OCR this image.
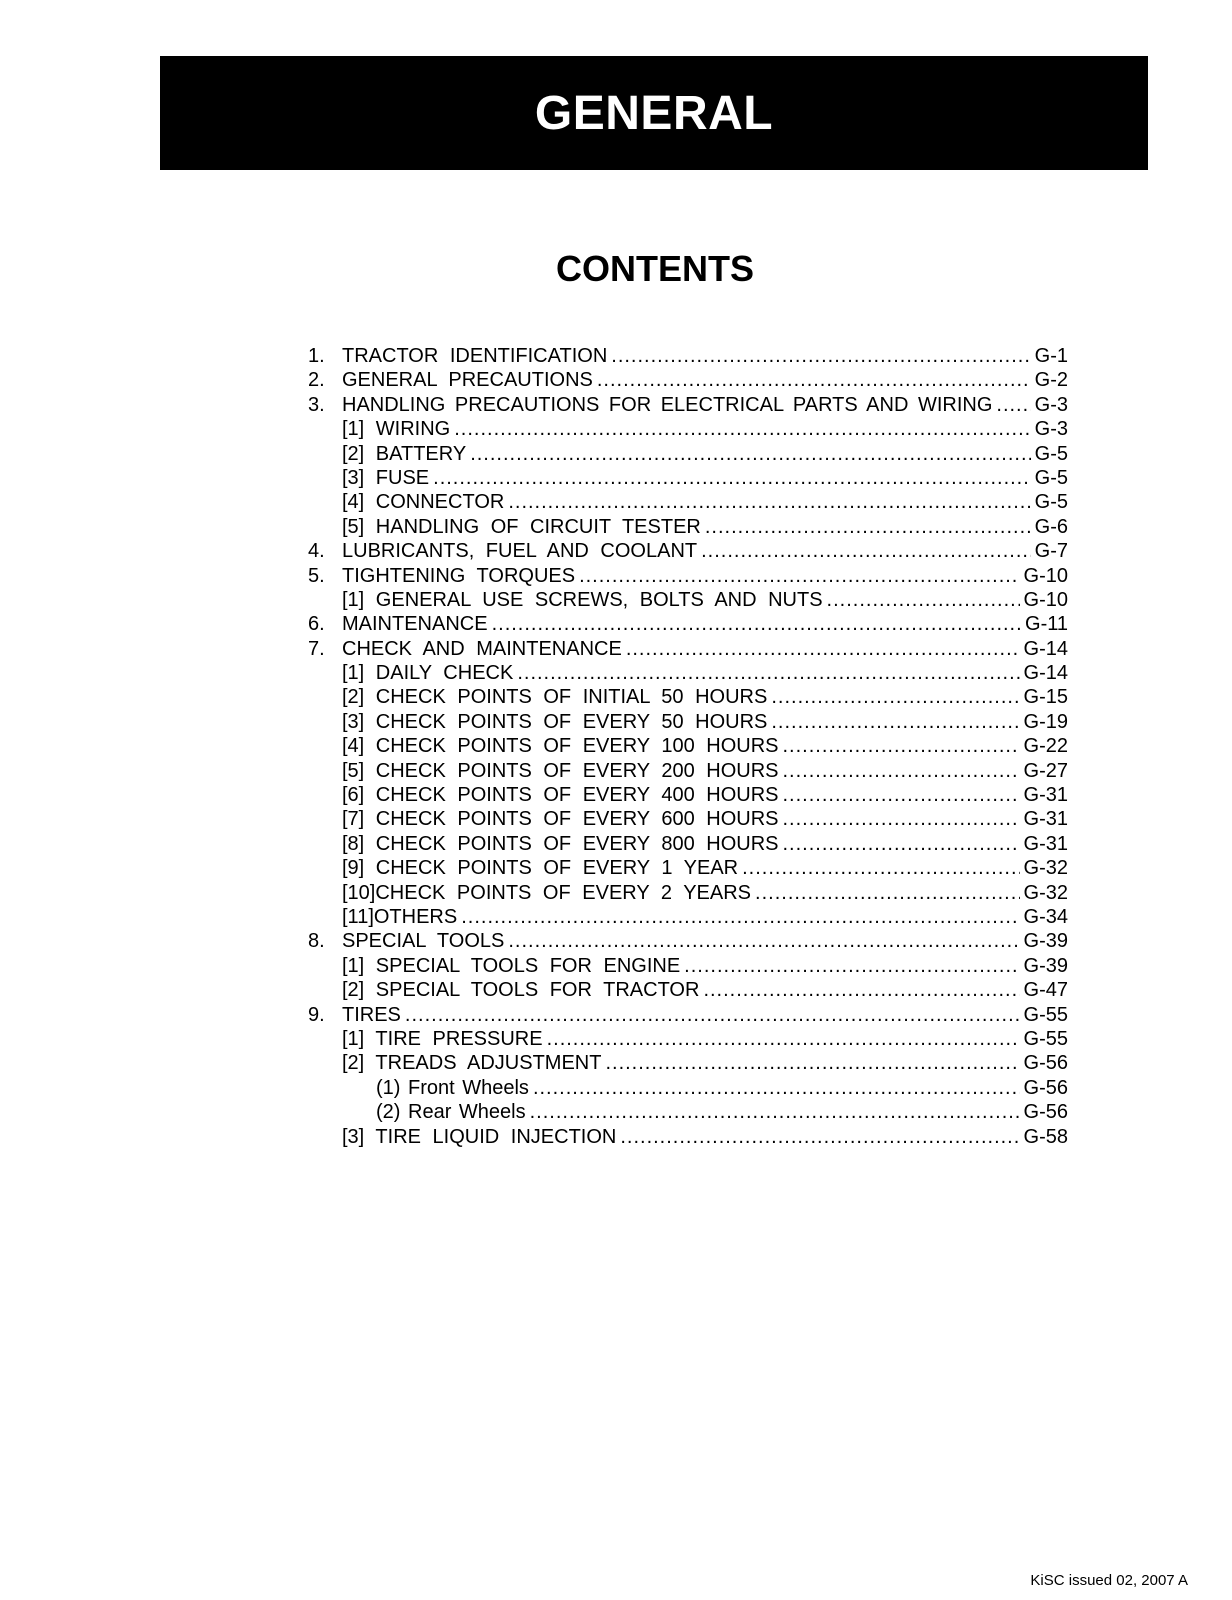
GENERAL
CONTENTS
1. TRACTOR IDENTIFICATION .....	G-1
2. GENERAL PRECAUTIONS .....	G-2
3. HANDLING PRECAUTIONS FOR ELECTRICAL PARTS AND WIRING ..... G-3
[1] WIRING .....	G-3
[2] BATTERY .....	G-5
[3] FUSE .....	G-5
[4] CONNECTOR .....	G-5
[5] HANDLING OF CIRCUIT TESTER .....	G-6
4. LUBRICANTS, FUEL AND COOLANT .....	G-7
5. TIGHTENING TORQUES .....	G-10
[1] GENERAL USE SCREWS, BOLTS AND NUTS .....	G-10
6. MAINTENANCE .....	G-11
7. CHECK AND MAINTENANCE .....	G-14
[1] DAILY CHECK .....	G-14
[2] CHECK POINTS OF INITIAL 50 HOURS .....	G-15
[3] CHECK POINTS OF EVERY 50 HOURS .....	G-19
[4] CHECK POINTS OF EVERY 100 HOURS .....	G-22
[5] CHECK POINTS OF EVERY 200 HOURS .....	G-27
[6] CHECK POINTS OF EVERY 400 HOURS .....	G-31
[7] CHECK POINTS OF EVERY 600 HOURS .....	G-31
[8] CHECK POINTS OF EVERY 800 HOURS .....	G-31
[9] CHECK POINTS OF EVERY 1 YEAR .....	G-32
[10]CHECK POINTS OF EVERY 2 YEARS .....	G-32
[11]OTHERS .....	G-34
8. SPECIAL TOOLS .....	G-39
[1] SPECIAL TOOLS FOR ENGINE .....	G-39
[2] SPECIAL TOOLS FOR TRACTOR .....	G-47
9. TIRES .....	G-55
[1] TIRE PRESSURE .....	G-55
[2] TREADS ADJUSTMENT .....	G-56
(1) Front Wheels .....	G-56
(2) Rear Wheels .....	G-56
[3] TIRE LIQUID INJECTION .....	G-58
KiSC issued 02, 2007 A
